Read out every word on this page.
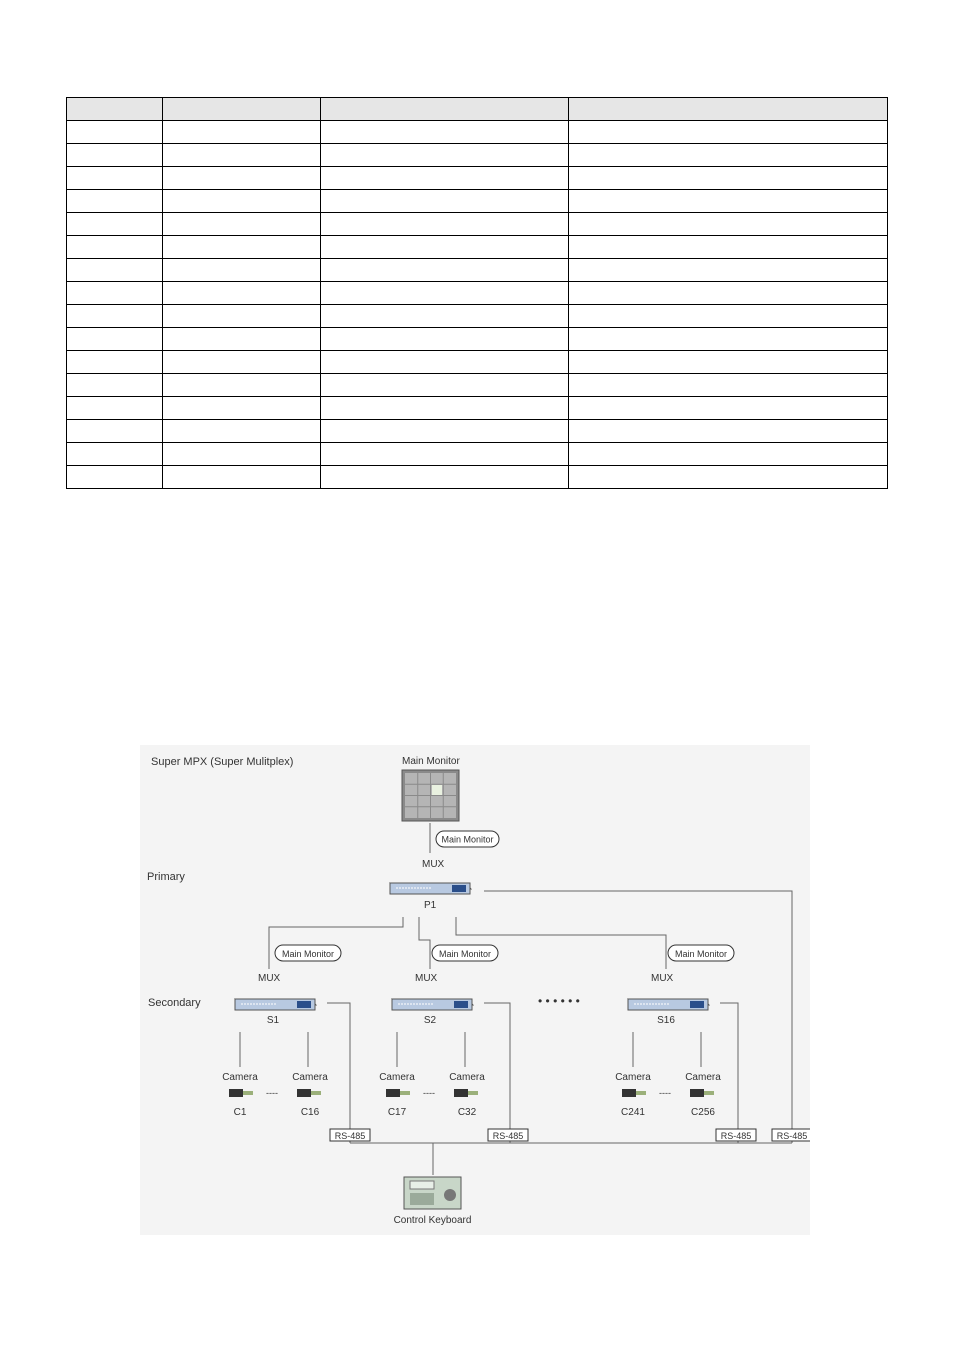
Super MPX (Super Mulitplex)
Primary
Secondary
Main Monitor
Main Monitor
MUX
P1
• • • • • •
Control Keyboard
RS-485
Main Monitor
MUX
S1
Camera	Camera
----
C1	C16
RS-485
Main Monitor
MUX
S2
Camera	Camera
----
C17	C32
RS-485
Main Monitor
MUX
S16
Camera	Camera
----
C241	C256
RS-485
